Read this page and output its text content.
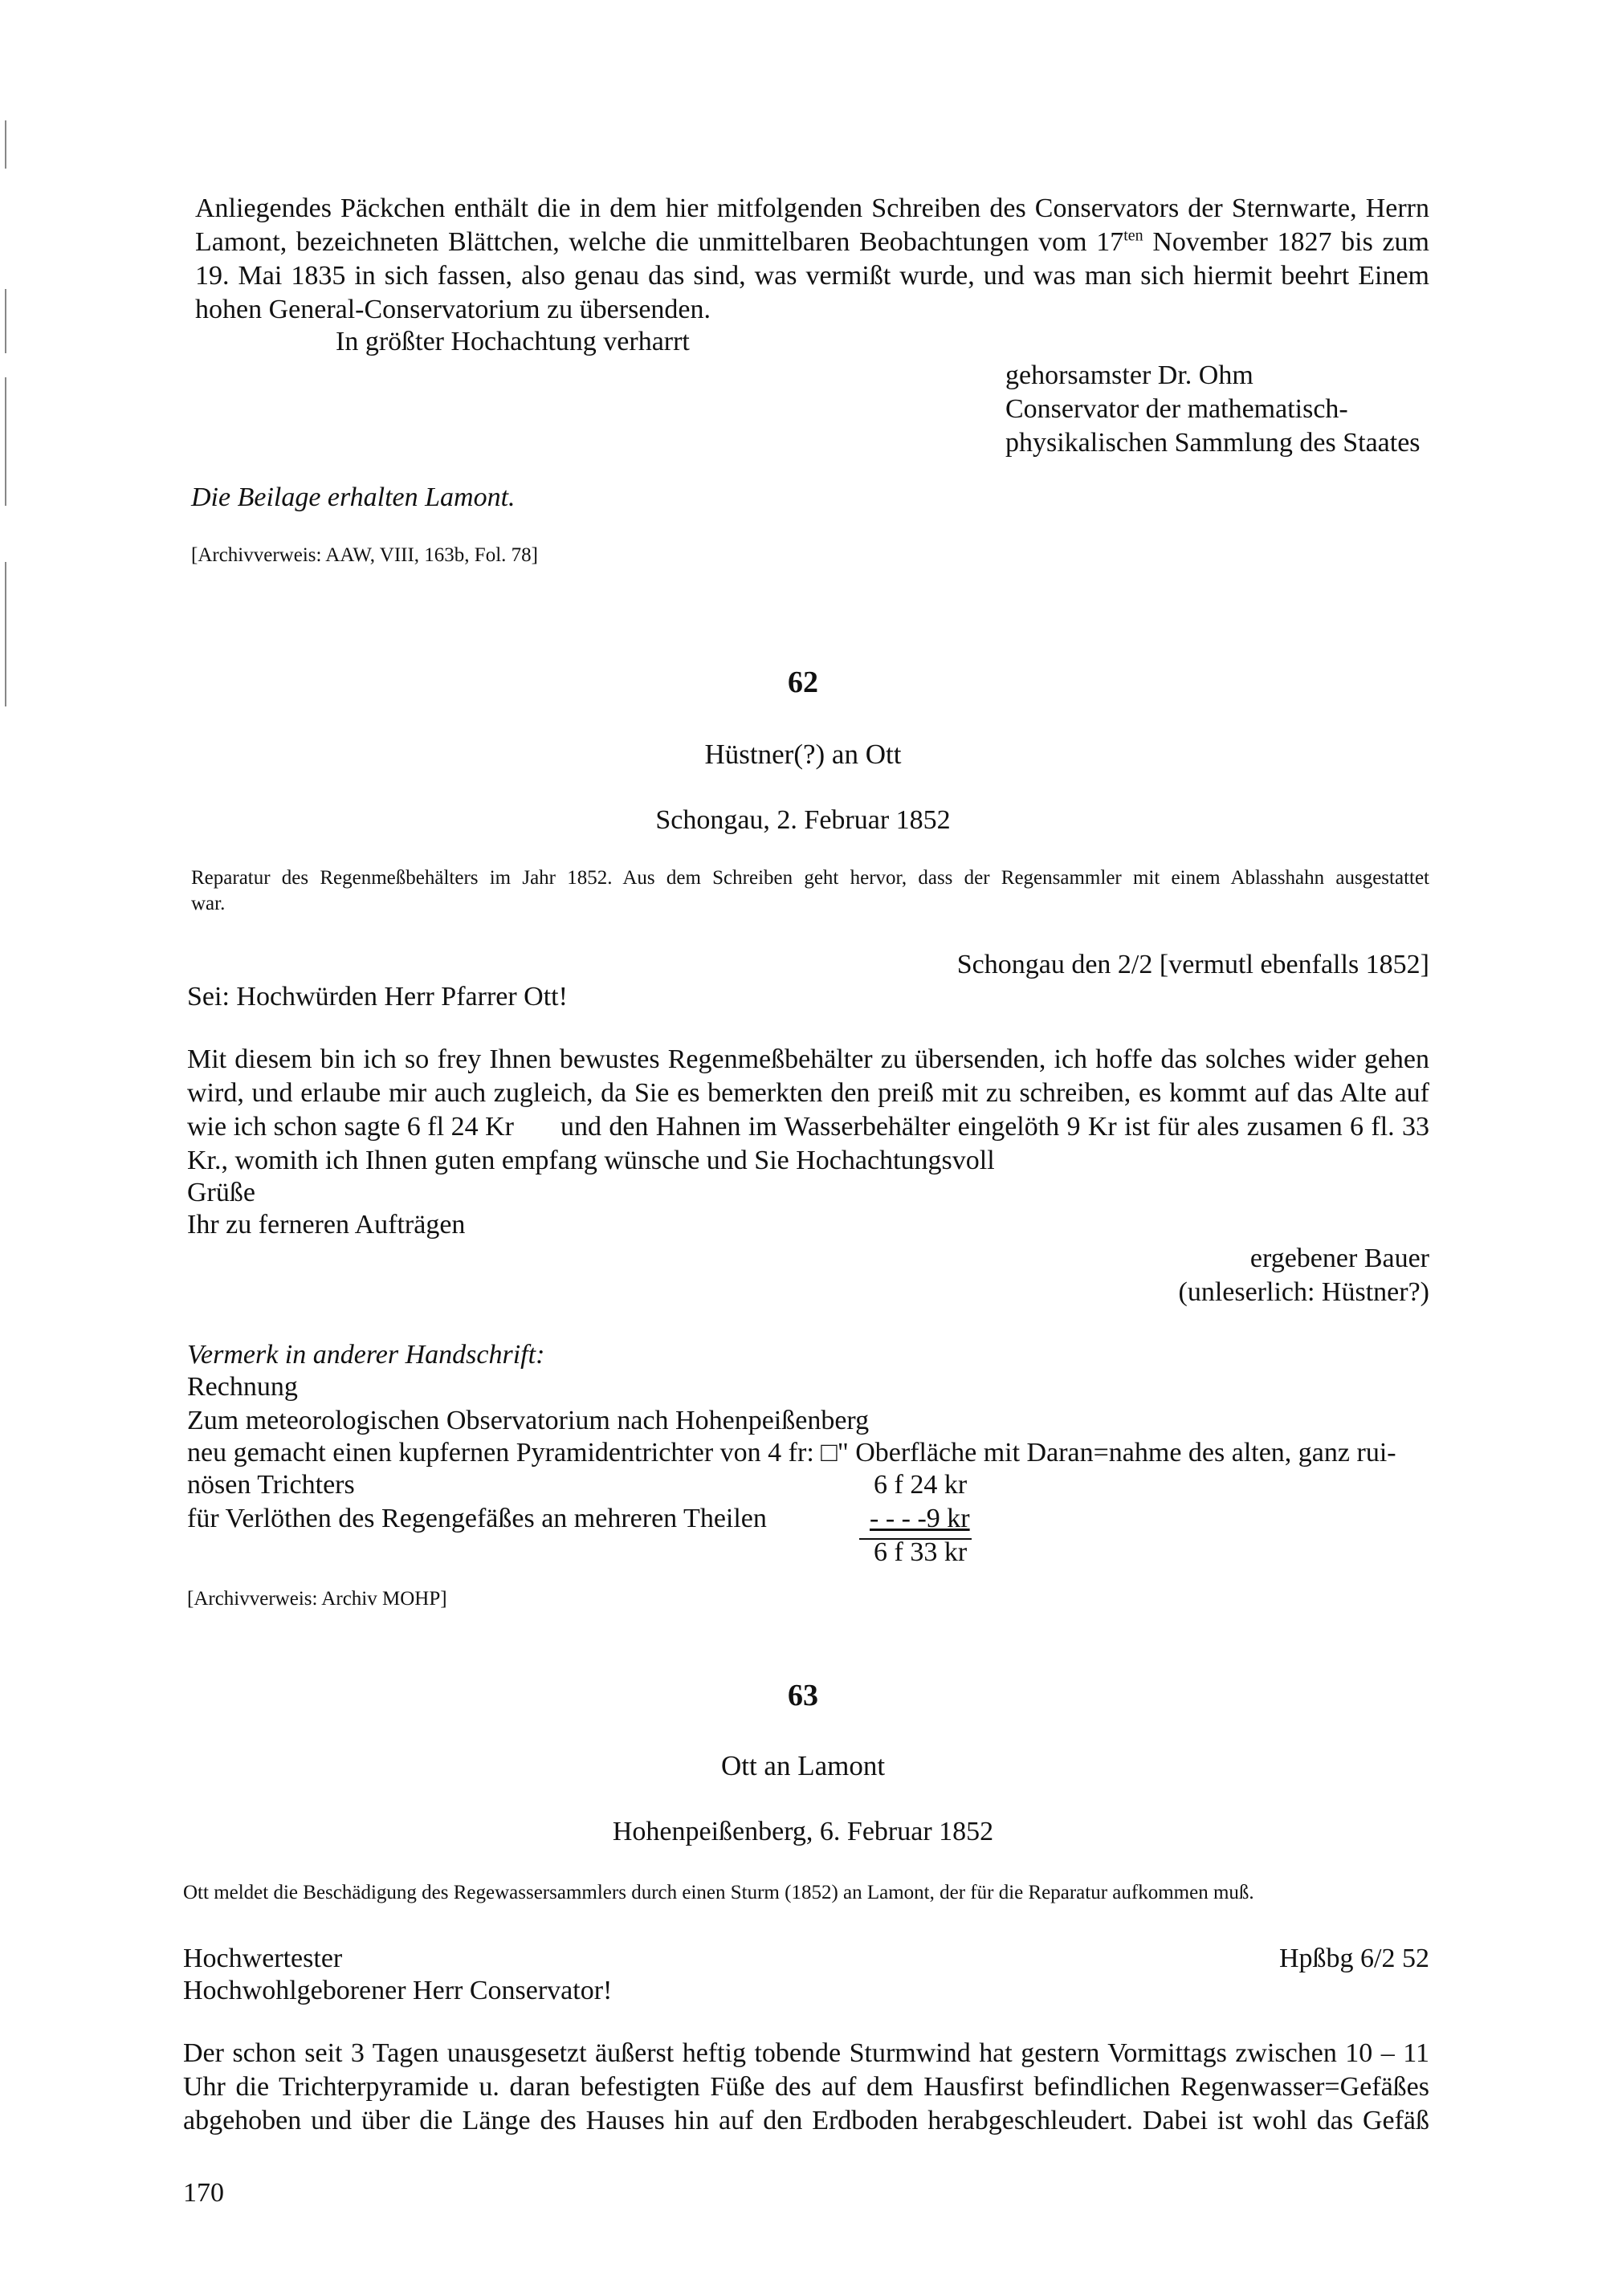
Anliegendes Päckchen enthält die in dem hier mitfolgenden Schreiben des Conservators der Sternwarte, Herrn
Lamont, bezeichneten Blättchen, welche die unmittelbaren Beobachtungen vom $17^{ten}$ November 1827 bis zum
19. Mai 1835 in sich fassen, also genau das sind, was vermißt wurde, und was man sich hiermit beehrt Einem
hohen General-Conservatorium zu übersenden.
In größter Hochachtung verharrt
gehorsamster Dr. Ohm
Conservator der mathematisch-
physikalischen Sammlung des Staates
Die Beilage erhalten Lamont.
[Archivverweis: AAW, VIII, 163b, Fol. 78]
62
Hüstner(?) an Ott
Schongau, 2. Februar 1852
Reparatur des Regenmeßbehälters im Jahr 1852. Aus dem Schreiben geht hervor, dass der Regensammler mit einem Ablasshahn ausgestattet
war.
Schongau den 2/2 [vermutl ebenfalls 1852]
Sei: Hochwürden Herr Pfarrer Ott!
Mit diesem bin ich so frey Ihnen bewustes Regenmeßbehälter zu übersenden, ich hoffe das solches wider gehen
wird, und erlaube mir auch zugleich, da Sie es bemerkten den preiß mit zu schreiben, es kommt auf das Alte auf
wie ich schon sagte 6 fl 24 Kr und den Hahnen im Wasserbehälter eingelöth 9 Kr ist für ales zusamen 6 fl. 33
Kr., womith ich Ihnen guten empfang wünsche und Sie Hochachtungsvoll
Grüße
Ihr zu ferneren Aufträgen
ergebener Bauer
(unleserlich: Hüstner?)
Vermerk in anderer Handschrift:
Rechnung
Zum meteorologischen Observatorium nach Hohenpeißenberg
neu gemacht einen kupfernen Pyramidentrichter von 4 fr: □" Oberfläche mit Daran=nahme des alten, ganz rui-
nösen Trichters	6 f 24 kr
für Verlöthen des Regengefäßes an mehreren Theilen	- - - -9 kr
6 f 33 kr
[Archivverweis: Archiv MOHP]
63
Ott an Lamont
Hohenpeißenberg, 6. Februar 1852
Ott meldet die Beschädigung des Regewassersammlers durch einen Sturm (1852) an Lamont, der für die Reparatur aufkommen muß.
Hochwertester	Hpßbg 6/2 52
Hochwohlgeborener Herr Conservator!
Der schon seit 3 Tagen unausgesetzt äußerst heftig tobende Sturmwind hat gestern Vormittags zwischen 10 – 11
Uhr die Trichterpyramide u. daran befestigten Füße des auf dem Hausfirst befindlichen Regenwasser=Gefäßes
abgehoben und über die Länge des Hauses hin auf den Erdboden herabgeschleudert. Dabei ist wohl das Gefäß
170
